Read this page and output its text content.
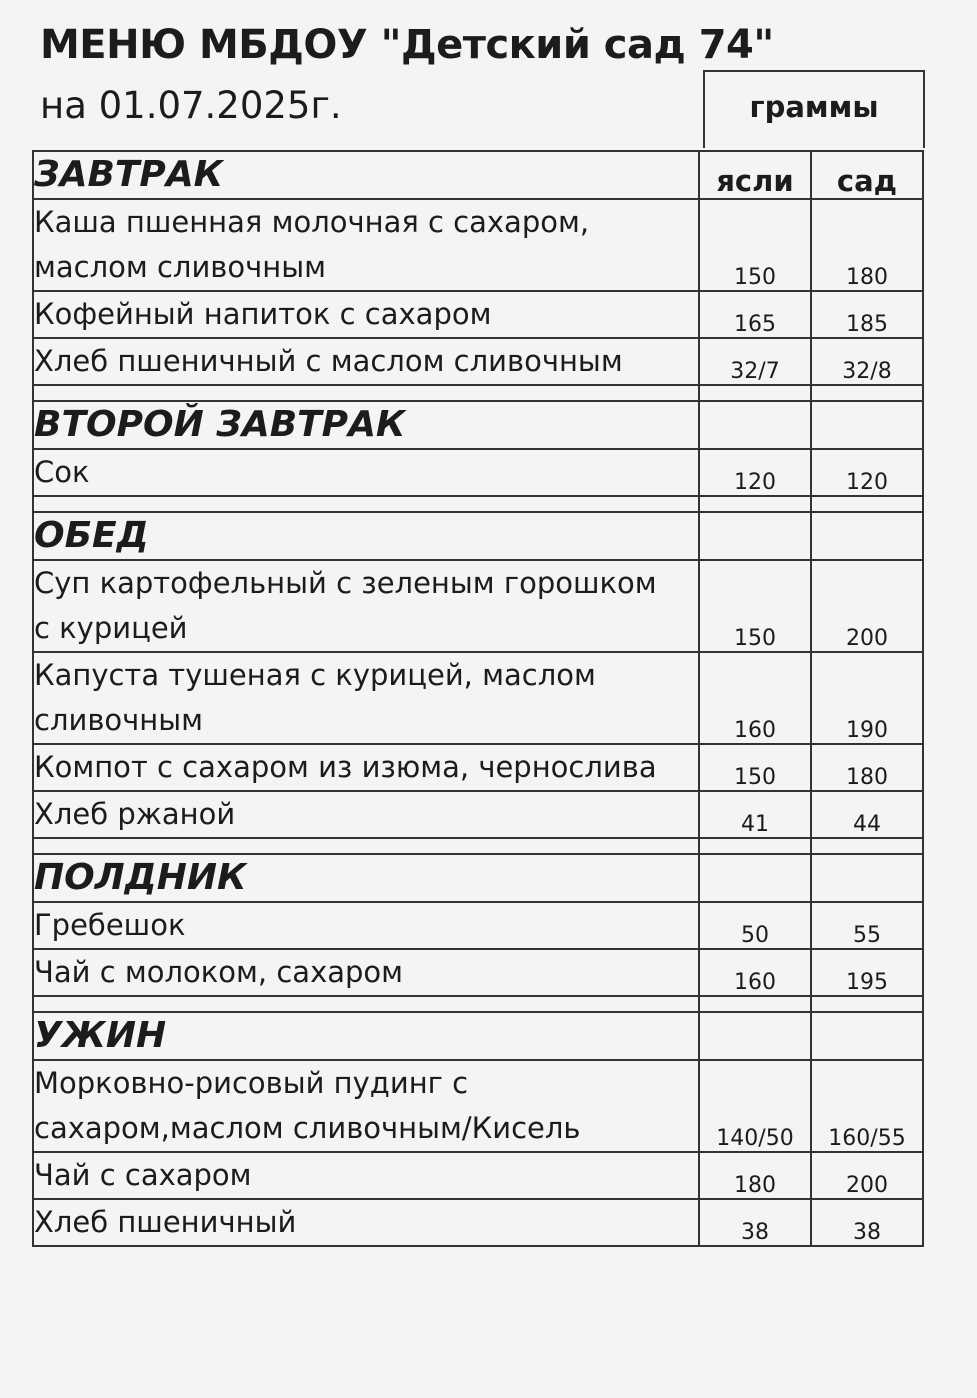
МЕНЮ МБДОУ "Детский сад 74"
на 01.07.2025г.	граммы
ЗАВТРАК	ясли	сад

Каша пшенная молочная с сахаром,
маслом сливочным	150	180

Кофейный напиток с сахаром	165	185

Хлеб пшеничный с маслом сливочным	32/7	32/8

ВТОРОЙ ЗАВТРАК		

Сок	120	120

ОБЕД		

Суп картофельный с зеленым горошком
с курицей	150	200

Капуста тушеная с курицей, маслом
сливочным	160	190

Компот с сахаром из изюма, чернослива	150	180

Хлеб ржаной	41	44

ПОЛДНИК		

Гребешок	50	55

Чай с молоком, сахаром	160	195

УЖИН		

Морковно-рисовый пудинг с
сахаром,маслом сливочным/Кисель	140/50	160/55

Чай с сахаром	180	200

Хлеб пшеничный	38	38
